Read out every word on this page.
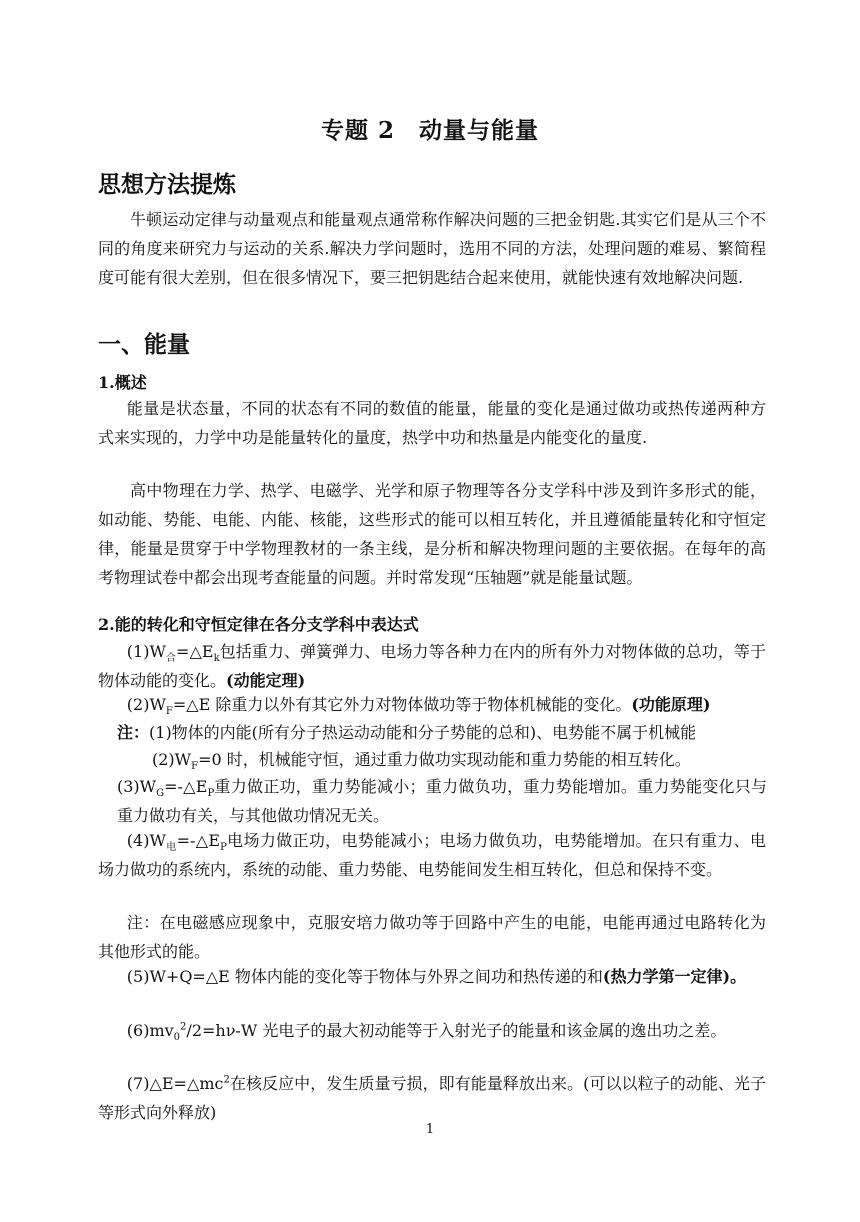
专题 2　动量与能量
思想方法提炼
牛顿运动定律与动量观点和能量观点通常称作解决问题的三把金钥匙.其实它们是从三个不同的角度来研究力与运动的关系.解决力学问题时，选用不同的方法，处理问题的难易、繁简程度可能有很大差别，但在很多情况下，要三把钥匙结合起来使用，就能快速有效地解决问题.
一、能量
1.概述
能量是状态量，不同的状态有不同的数值的能量，能量的变化是通过做功或热传递两种方式来实现的，力学中功是能量转化的量度，热学中功和热量是内能变化的量度.
高中物理在力学、热学、电磁学、光学和原子物理等各分支学科中涉及到许多形式的能，如动能、势能、电能、内能、核能，这些形式的能可以相互转化，并且遵循能量转化和守恒定律，能量是贯穿于中学物理教材的一条主线，是分析和解决物理问题的主要依据。在每年的高考物理试卷中都会出现考查能量的问题。并时常发现“压轴题”就是能量试题。
2.能的转化和守恒定律在各分支学科中表达式
$(1)W_合=\triangle E_k$包括重力、弹簧弹力、电场力等各种力在内的所有外力对物体做的总功，等于物体动能的变化。(动能定理)
$(2)W_F=\triangle E$ 除重力以外有其它外力对物体做功等于物体机械能的变化。(功能原理)
注：(1)物体的内能(所有分子热运动动能和分子势能的总和)、电势能不属于机械能
$(2)W_F=0$ 时，机械能守恒，通过重力做功实现动能和重力势能的相互转化。
$(3)W_G=-\triangle E_P$重力做正功，重力势能减小；重力做负功，重力势能增加。重力势能变化只与重力做功有关，与其他做功情况无关。
$(4)W_电=-\triangle E_P$电场力做正功，电势能减小；电场力做负功，电势能增加。在只有重力、电场力做功的系统内，系统的动能、重力势能、电势能间发生相互转化，但总和保持不变。
注：在电磁感应现象中，克服安培力做功等于回路中产生的电能，电能再通过电路转化为其他形式的能。
(5)W+Q=△E 物体内能的变化等于物体与外界之间功和热传递的和(热力学第一定律)。
$(6)mv_0^2/2=h\nu-W$ 光电子的最大初动能等于入射光子的能量和该金属的逸出功之差。
$(7)\triangle E=\triangle mc^2$在核反应中，发生质量亏损，即有能量释放出来。(可以以粒子的动能、光子等形式向外释放)
1
